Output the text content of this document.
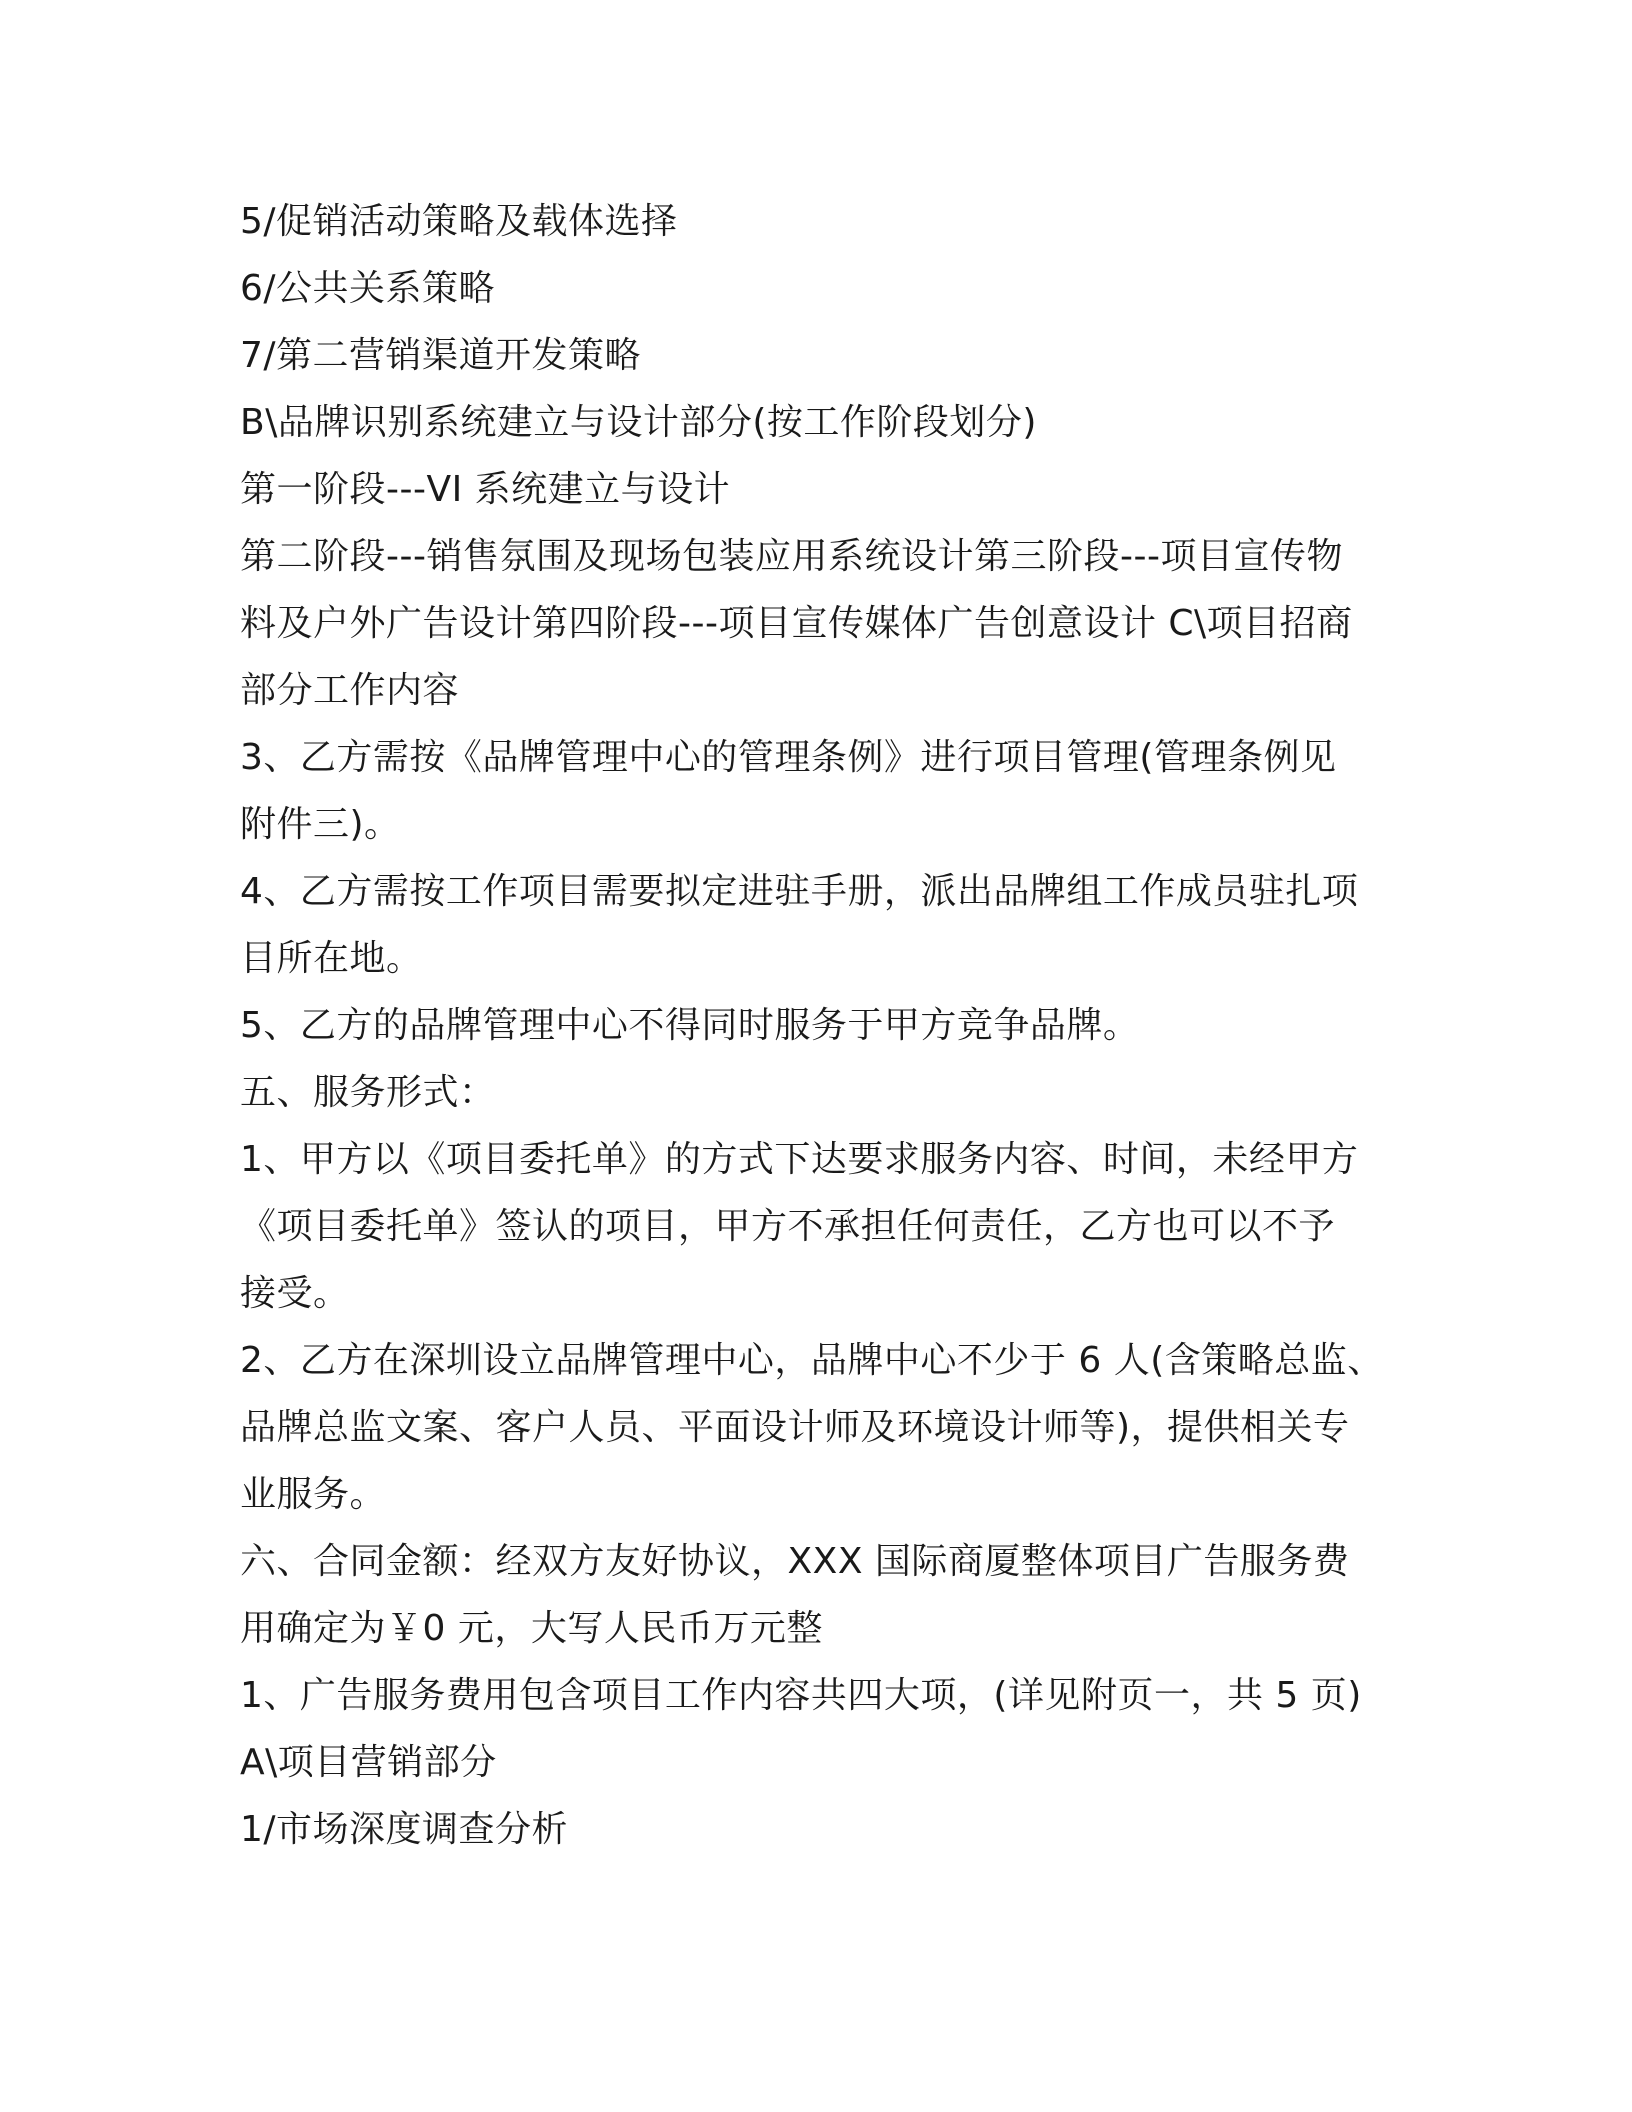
5/促销活动策略及载体选择

6/公共关系策略

7/第二营销渠道开发策略

B\品牌识别系统建立与设计部分(按工作阶段划分)

第一阶段---VI 系统建立与设计

第二阶段---销售氛围及现场包装应用系统设计第三阶段---项目宣传物

料及户外广告设计第四阶段---项目宣传媒体广告创意设计 C\项目招商

部分工作内容

3、乙方需按《品牌管理中心的管理条例》进行项目管理(管理条例见

附件三)。

4、乙方需按工作项目需要拟定进驻手册，派出品牌组工作成员驻扎项

目所在地。

5、乙方的品牌管理中心不得同时服务于甲方竞争品牌。

五、服务形式：

1、甲方以《项目委托单》的方式下达要求服务内容、时间，未经甲方

《项目委托单》签认的项目，甲方不承担任何责任，乙方也可以不予

接受。

2、乙方在深圳设立品牌管理中心，品牌中心不少于 6 人(含策略总监、

品牌总监文案、客户人员、平面设计师及环境设计师等)，提供相关专

业服务。

六、合同金额：经双方友好协议，XXX 国际商厦整体项目广告服务费

用确定为￥0 元，大写人民币万元整

1、广告服务费用包含项目工作内容共四大项，(详见附页一，共 5 页)

A\项目营销部分

1/市场深度调查分析
